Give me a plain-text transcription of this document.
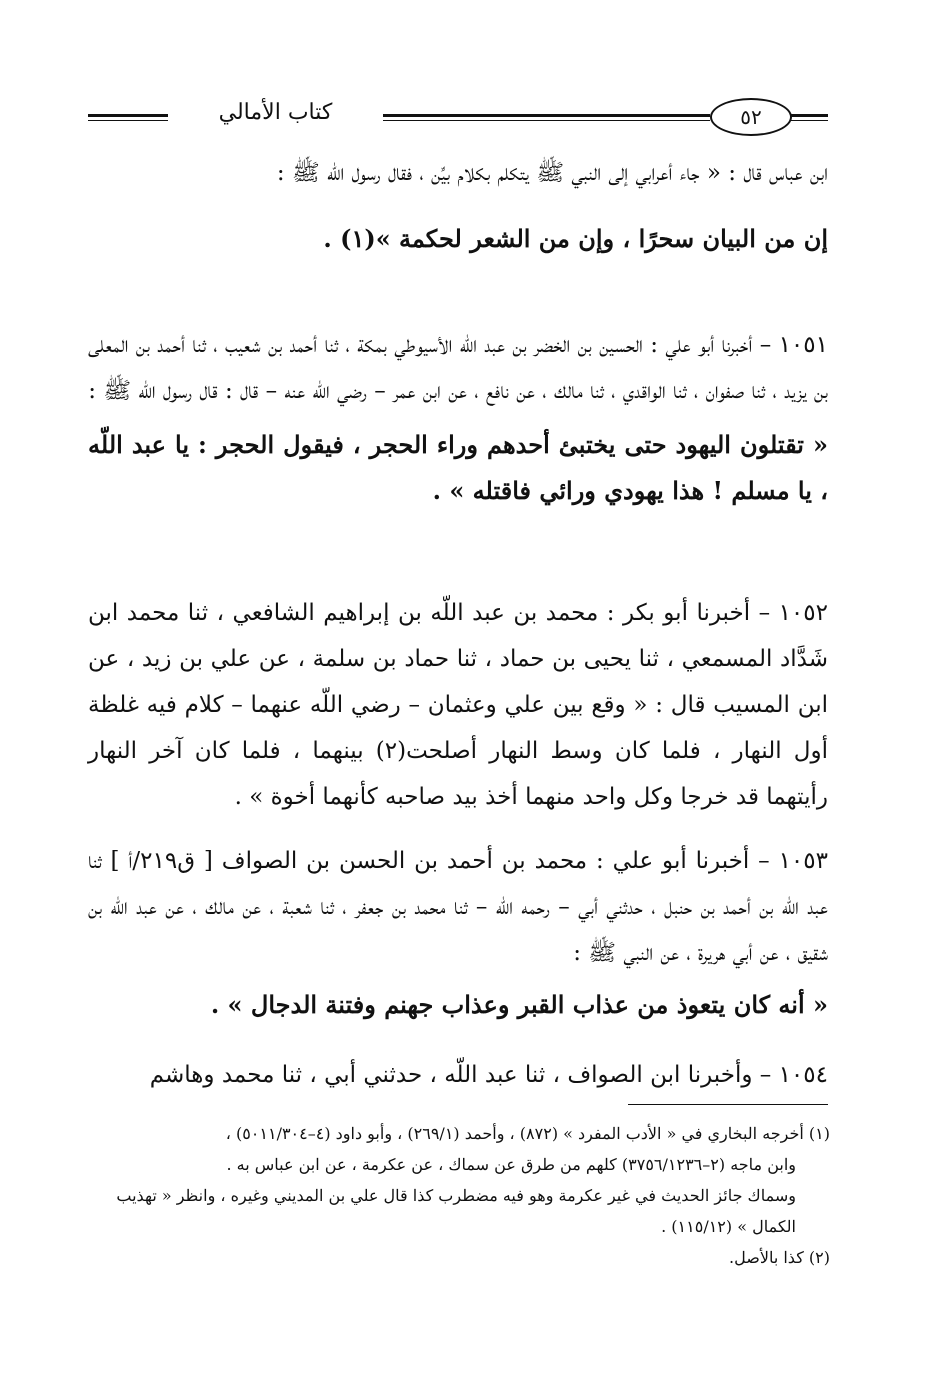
كتاب الأمالي	٥٢
ابن عباس قال : « جاء أعرابي إلى النبي ﷺ يتكلم بكلام بيِّن ، فقال رسول الله ﷺ :
إن من البيان سحرًا ، وإن من الشعر لحكمة »(١) .
١٠٥١ – أخبرنا أبو علي : الحسين بن الخضر بن عبد اللّه الأسيوطي بمكة ، ثنا أحمد بن شعيب ، ثنا أحمد بن المعلى بن يزيد ، ثنا صفوان ، ثنا الواقدي ، ثنا مالك ، عن نافع ، عن ابن عمر – رضي اللّه عنه – قال : قال رسول اللّه ﷺ :
« تقتلون اليهود حتى يختبئ أحدهم وراء الحجر ، فيقول الحجر : يا عبد اللّه ، يا مسلم ! هذا يهودي ورائي فاقتله » .
١٠٥٢ – أخبرنا أبو بكر : محمد بن عبد اللّه بن إبراهيم الشافعي ، ثنا محمد ابن شَدَّاد المسمعي ، ثنا يحيى بن حماد ، ثنا حماد بن سلمة ، عن علي بن زيد ، عن ابن المسيب قال : « وقع بين علي وعثمان – رضي اللّه عنهما – كلام فيه غلظة أول النهار ، فلما كان وسط النهار أصلحت(٢) بينهما ، فلما كان آخر النهار رأيتهما قد خرجا وكل واحد منهما أخذ بيد صاحبه كأنهما أخوة » .
١٠٥٣ – أخبرنا أبو علي : محمد بن أحمد بن الحسن بن الصواف [ ق٢١٩/أ ] ثنا عبد اللّه بن أحمد بن حنبل ، حدثني أبي – رحمه اللّه – ثنا محمد بن جعفر ، ثنا شعبة ، عن مالك ، عن عبد اللّه بن شقيق ، عن أبي هريرة ، عن النبي ﷺ :
« أنه كان يتعوذ من عذاب القبر وعذاب جهنم وفتنة الدجال » .
١٠٥٤ – وأخبرنا ابن الصواف ، ثنا عبد اللّه ، حدثني أبي ، ثنا محمد وهاشم

(١) أخرجه البخاري في « الأدب المفرد » (٨٧٢) ، وأحمد (٢٦٩/١) ، وأبو داود (٤–٥٠١١/٣٠٤) ،

وابن ماجه (٢–٣٧٥٦/١٢٣٦) كلهم من طرق عن سماك ، عن عكرمة ، عن ابن عباس به .

وسماك جائز الحديث في غير عكرمة وهو فيه مضطرب كذا قال علي بن المديني وغيره ، وانظر « تهذيب

الكمال » (١١٥/١٢) .

(٢) كذا بالأصل.
